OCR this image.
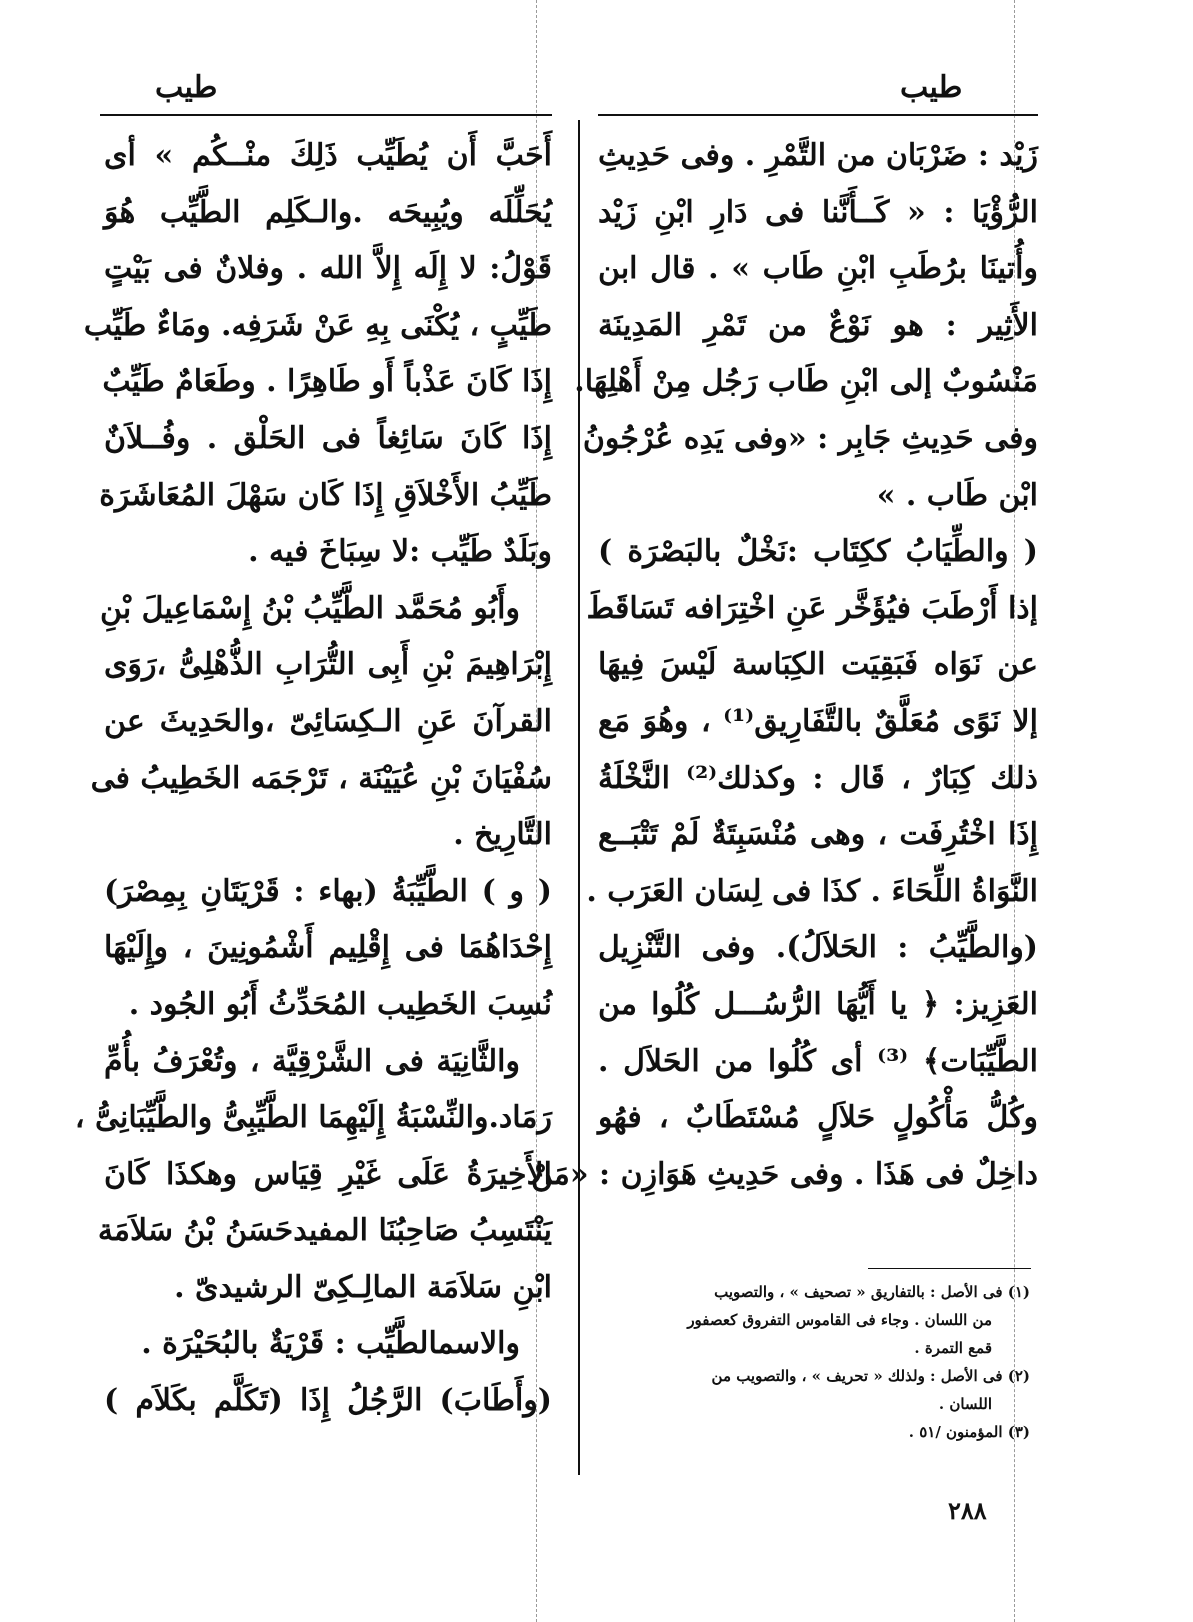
طيب	طيب
زَيْد : ضَرْبَان من التَّمْرِ . وفى حَدِيثِ
الرُّؤْيَا : « كَــأَنَّنا فى دَارِ ابْنِ زَيْد
وأُتينَا برُطَبِ ابْنِ طَاب » . قال ابن
الأَثِير : هو نَوْعٌ من تَمْرِ المَدِينَة
مَنْسُوبٌ إلى ابْنِ طَاب رَجُل مِنْ أَهْلِهَا.
وفى حَدِيثِ جَابِر : «وفى يَدِه عُرْجُونُ
ابْن طَاب . »
( والطِّيَابُ ككِتَاب :نَخْلٌ بالبَصْرَة )
إذا أَرْطَبَ فيُؤَخَّر عَنِ اخْتِرَافه تَسَاقَطَ
عن نَوَاه فَبَقِيَت الكِبَاسة لَيْسَ فِيهَا
إلا نَوًى مُعَلَّقٌ بالتَّفَارِيق⁽¹⁾ ، وهُوَ مَع
ذلك كِبَارٌ ، قَال : وكذلك⁽²⁾ النَّخْلَةُ
إِذَا اخْتُرِفَت ، وهى مُنْسَبِتَةٌ لَمْ تَتْبَــع
النَّوَاةُ اللِّحَاءَ . كذَا فى لِسَان العَرَب .
(والطَّيِّبُ : الحَلاَلُ). وفى التَّنْزِيل
العَزِيز: ﴿ يا أَيُّهَا الرُّسُـــل كُلُوا من
الطَّيِّبَات﴾ ⁽³⁾ أى كُلُوا من الحَلاَل .
وكُلُّ مَأْكُولٍ حَلاَلٍ مُسْتَطَابٌ ، فهُو
داخِلٌ فى هَذَا . وفى حَدِيثِ هَوَازِن : «مَنْ
أَحَبَّ أَن يُطَيِّب ذَلِكَ منْــكُم » أى
يُحَلِّلَه ويُبِيحَه .والـكَلِم الطَّيِّب هُوَ
قَوْلُ: لا إِلَه إِلاَّ الله . وفلانٌ فى بَيْتٍ
طَيِّبٍ ، يُكْنَى بِهِ عَنْ شَرَفِه. ومَاءٌ طَيِّب
إِذَا كَانَ عَذْباً أَو طَاهِرًا . وطَعَامٌ طَيِّبٌ
إِذَا كَانَ سَائِغاً فى الحَلْق . وفُــلاَنٌ
طَيِّبُ الأَخْلاَقِ إِذَا كَان سَهْلَ المُعَاشَرَة
وبَلَدٌ طَيِّب :لا سِبَاخَ فيه .
وأَبُو مُحَمَّد الطَّيِّبُ بْنُ إِسْمَاعِيلَ بْنِ
إِبْرَاهِيمَ بْنِ أَبِى التُّرَابِ الذُّهْلِىُّ ،رَوَى
القرآنَ عَنِ الـكِسَائِىّ ،والحَدِيثَ عن
سُفْيَانَ بْنِ عُيَيْنَة ، تَرْجَمَه الخَطِيبُ فى
التَّارِيخ .
( و ) الطَّيِّبَةُ (بهاء : قَرْيَتَانِ بِمِصْرَ)
إِحْدَاهُمَا فى إِقْلِيم أَشْمُونِينَ ، وإِلَيْهَا
نُسِبَ الخَطِيب المُحَدِّثُ أَبُو الجُود .
والثَّانِيَة فى الشَّرْقِيَّة ، وتُعْرَفُ بأُمِّ
رَمَاد.والنِّسْبَةُ إِلَيْهِمَا الطَّيِّبِىُّ والطَّيِّبَانِىُّ ،
الأَخِيرَةُ عَلَى غَيْرِ قِيَاس وهكذَا كَانَ
يَنْتَسِبُ صَاحِبُنَا المفيدحَسَنُ بْنُ سَلاَمَة
ابْنِ سَلاَمَة المالِـكِىّ الرشيدىّ .
والاسمالطَّيِّب : قَرْيَةٌ بالبُحَيْرَة .
(وأَطَابَ) الرَّجُلُ إِذَا (تَكَلَّم بكَلاَم )
(١) فى الأصل : بالتفاريق « تصحيف » ، والتصويب
من اللسان . وجاء فى القاموس التفروق كعصفور
قمع التمرة .
(٢) فى الأصل : ولذلك « تحريف » ، والتصويب من
اللسان .
(٣) المؤمنون /٥١ .
٢٨٨
